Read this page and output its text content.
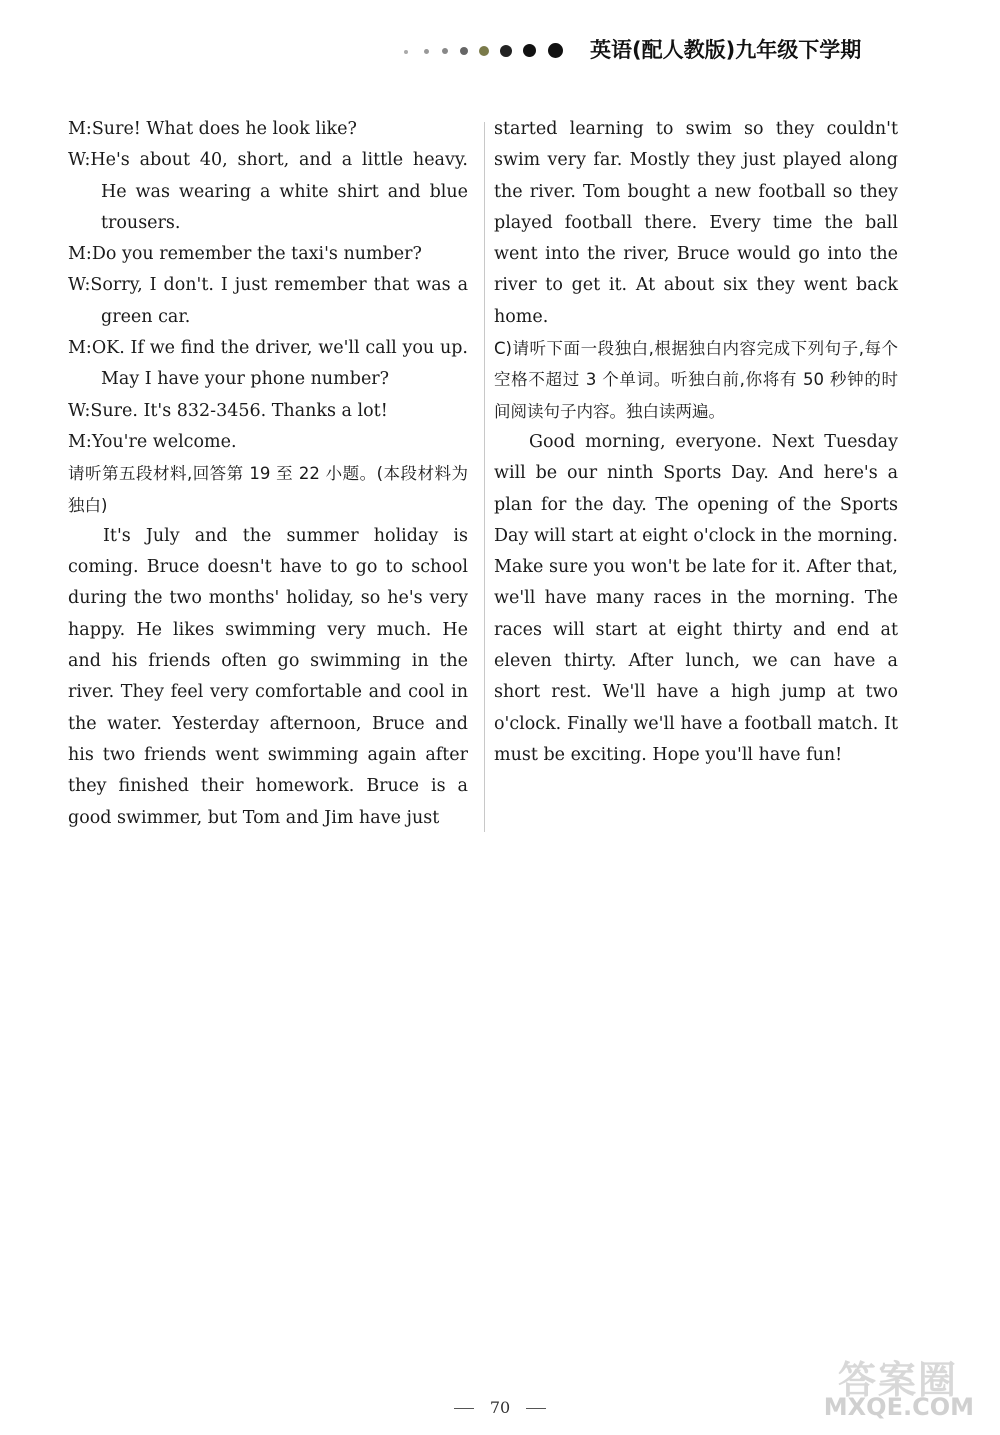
英语(配人教版)九年级下学期
M:Sure! What does he look like?
W:He's about 40, short, and a little heavy. He was wearing a white shirt and blue trousers.
M:Do you remember the taxi's number?
W:Sorry, I don't. I just remember that was a green car.
M:OK. If we find the driver, we'll call you up. May I have your phone number?
W:Sure. It's 832-3456. Thanks a lot!
M:You're welcome.
请听第五段材料,回答第 19 至 22 小题。(本段材料为独白)
It's July and the summer holiday is coming. Bruce doesn't have to go to school during the two months' holiday, so he's very happy. He likes swimming very much. He and his friends often go swimming in the river. They feel very comfortable and cool in the water. Yesterday afternoon, Bruce and his two friends went swimming again after they finished their homework. Bruce is a good swimmer, but Tom and Jim have just
started learning to swim so they couldn't swim very far. Mostly they just played along the river. Tom bought a new football so they played football there. Every time the ball went into the river, Bruce would go into the river to get it. At about six they went back home.
C)请听下面一段独白,根据独白内容完成下列句子,每个空格不超过 3 个单词。听独白前,你将有 50 秒钟的时间阅读句子内容。独白读两遍。
Good morning, everyone. Next Tuesday will be our ninth Sports Day. And here's a plan for the day. The opening of the Sports Day will start at eight o'clock in the morning. Make sure you won't be late for it. After that, we'll have many races in the morning. The races will start at eight thirty and end at eleven thirty. After lunch, we can have a short rest. We'll have a high jump at two o'clock. Finally we'll have a football match. It must be exciting. Hope you'll have fun!
70
答案圈
MXQE.COM
